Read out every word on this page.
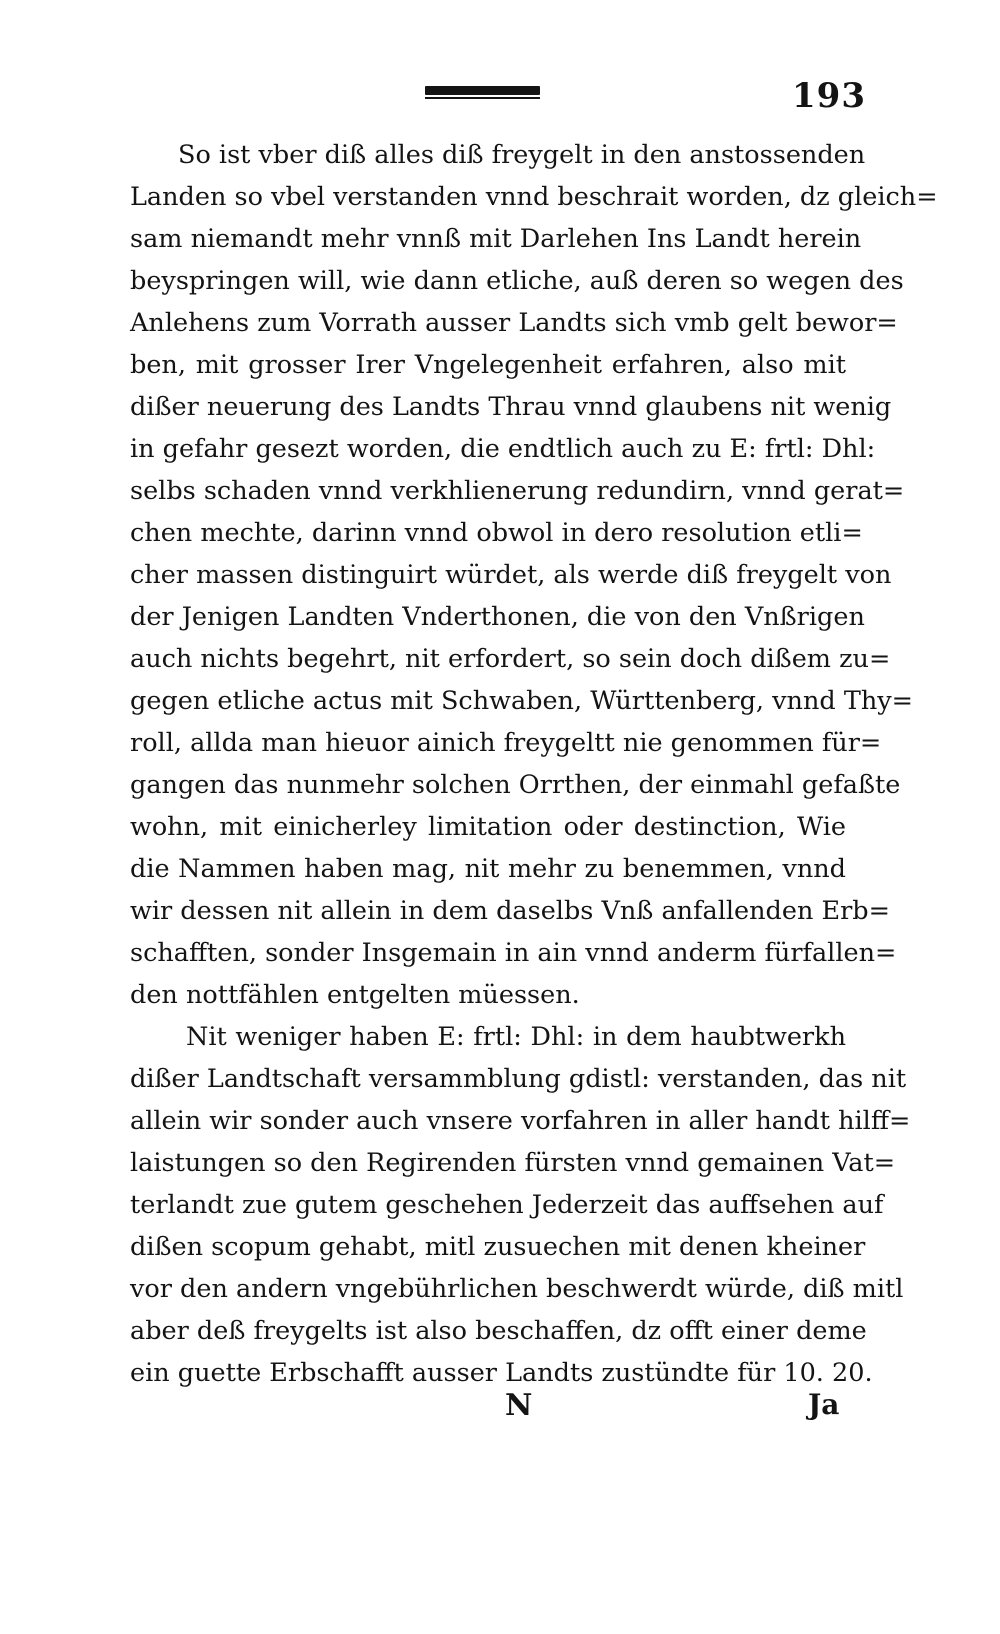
193
So ist vber diß alles diß freygelt in den anstossenden
Landen so vbel verstanden vnnd beschrait worden, dz gleich=
sam niemandt mehr vnnß mit Darlehen Ins Landt herein
beyspringen will, wie dann etliche, auß deren so wegen des
Anlehens zum Vorrath ausser Landts sich vmb gelt bewor=
ben, mit grosser Irer Vngelegenheit erfahren, also mit
dißer neuerung des Landts Thrau vnnd glaubens nit wenig
in gefahr gesezt worden, die endtlich auch zu E: frtl: Dhl:
selbs schaden vnnd verkhlienerung redundirn, vnnd gerat=
chen mechte, darinn vnnd obwol in dero resolution etli=
cher massen distinguirt würdet, als werde diß freygelt von
der Jenigen Landten Vnderthonen, die von den Vnßrigen
auch nichts begehrt, nit erfordert, so sein doch dißem zu=
gegen etliche actus mit Schwaben, Württenberg, vnnd Thy=
roll, allda man hieuor ainich freygeltt nie genommen für=
gangen das nunmehr solchen Orrthen, der einmahl gefaßte
wohn, mit einicherley limitation oder destinction, Wie
die Nammen haben mag, nit mehr zu benemmen, vnnd
wir dessen nit allein in dem daselbs Vnß anfallenden Erb=
schafften, sonder Insgemain in ain vnnd anderm fürfallen=
den nottfählen entgelten müessen.
Nit weniger haben E: frtl: Dhl: in dem haubtwerkh
dißer Landtschaft versammblung gdistl: verstanden, das nit
allein wir sonder auch vnsere vorfahren in aller handt hilff=
laistungen so den Regirenden fürsten vnnd gemainen Vat=
terlandt zue gutem geschehen Jederzeit das auffsehen auf
dißen scopum gehabt, mitl zusuechen mit denen kheiner
vor den andern vngebührlichen beschwerdt würde, diß mitl
aber deß freygelts ist also beschaffen, dz offt einer deme
ein guette Erbschafft ausser Landts zustündte für 10. 20.
N	Ja
